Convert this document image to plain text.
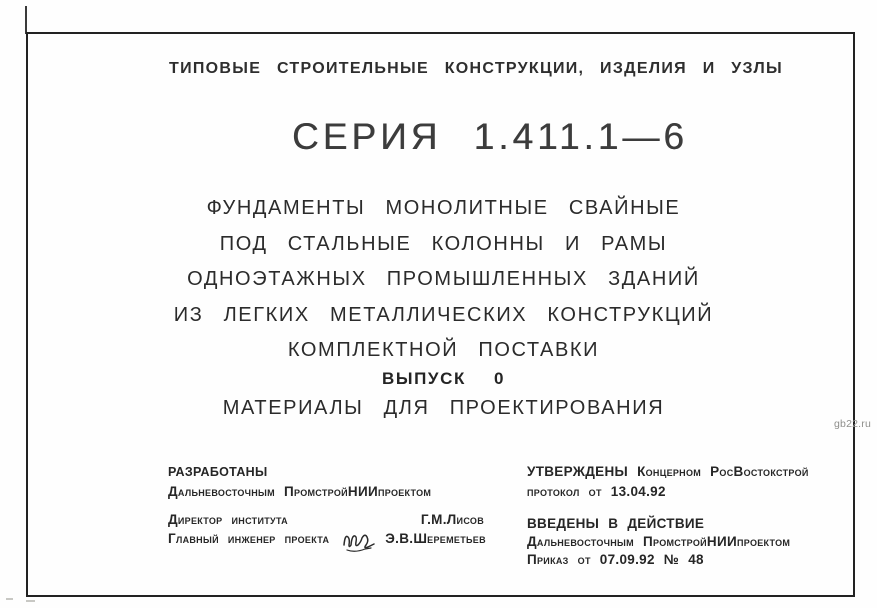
ТИПОВЫЕ СТРОИТЕЛЬНЫЕ КОНСТРУКЦИИ, ИЗДЕЛИЯ И УЗЛЫ
СЕРИЯ 1.411.1—6
ФУНДАМЕНТЫ МОНОЛИТНЫЕ СВАЙНЫЕ
ПОД СТАЛЬНЫЕ КОЛОННЫ И РАМЫ
ОДНОЭТАЖНЫХ ПРОМЫШЛЕННЫХ ЗДАНИЙ
ИЗ ЛЕГКИХ МЕТАЛЛИЧЕСКИХ КОНСТРУКЦИЙ
КОМПЛЕКТНОЙ ПОСТАВКИ
ВЫПУСК 0
МАТЕРИАЛЫ ДЛЯ ПРОЕКТИРОВАНИЯ
РАЗРАБОТАНЫ
Дальневосточным ПромстройНИИпроектом
Директор института	Г.М.Лисов
Главный инженер проекта	Э.В.Шереметьев
УТВЕРЖДЕНЫ Концерном РосВостокстрой
протокол от 13.04.92
ВВЕДЕНЫ В ДЕЙСТВИЕ
Дальневосточным ПромстройНИИпроектом
Приказ от 07.09.92 № 48
gb22.ru
